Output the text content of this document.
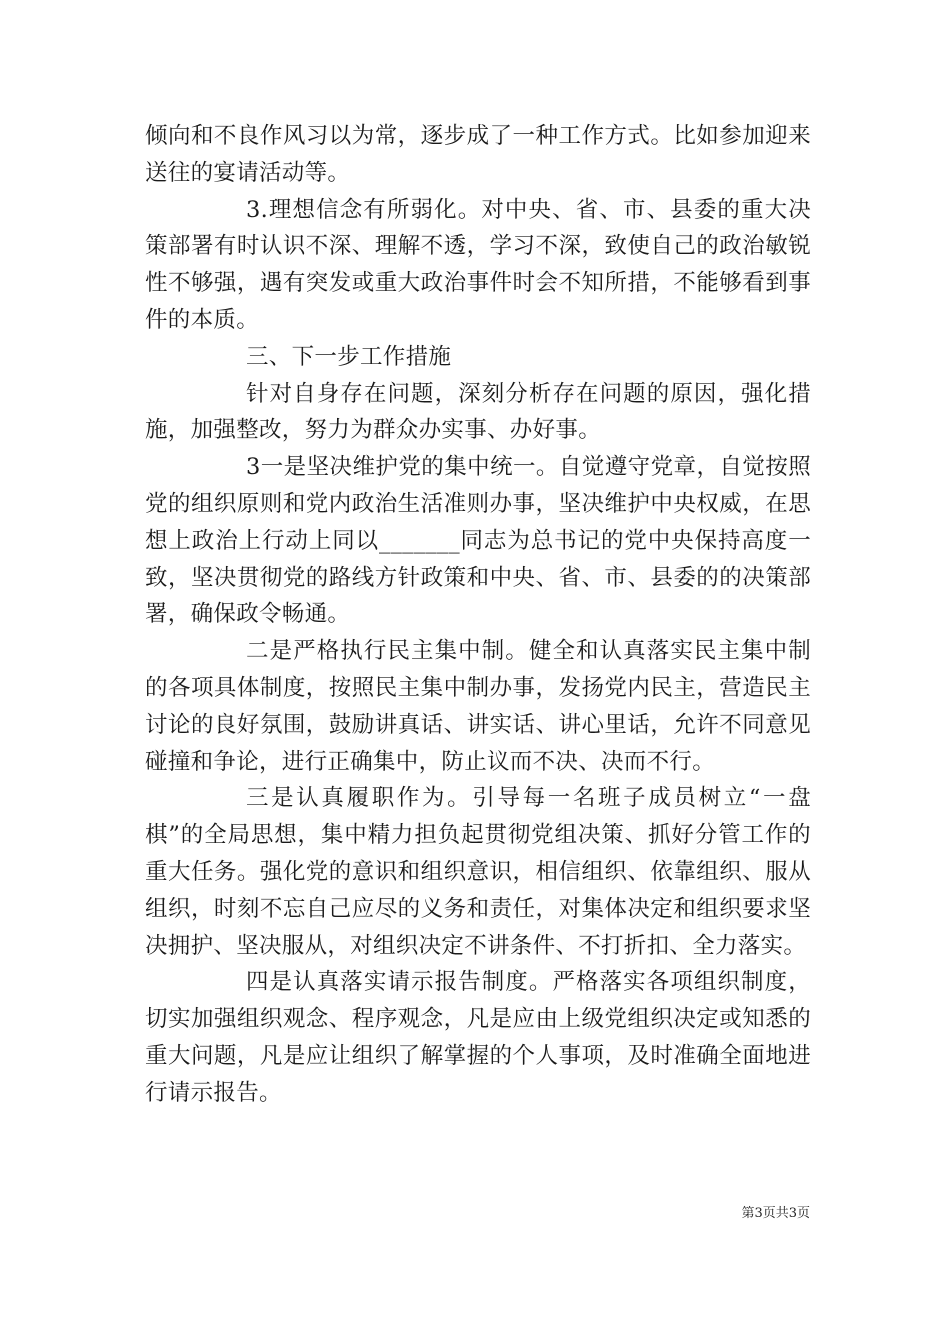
倾向和不良作风习以为常，逐步成了一种工作方式。比如参加迎来送往的宴请活动等。

3.理想信念有所弱化。对中央、省、市、县委的重大决策部署有时认识不深、理解不透，学习不深，致使自己的政治敏锐性不够强，遇有突发或重大政治事件时会不知所措，不能够看到事件的本质。

三、下一步工作措施

针对自身存在问题，深刻分析存在问题的原因，强化措施，加强整改，努力为群众办实事、办好事。

3一是坚决维护党的集中统一。自觉遵守党章，自觉按照党的组织原则和党内政治生活准则办事，坚决维护中央权威，在思想上政治上行动上同以_______同志为总书记的党中央保持高度一致，坚决贯彻党的路线方针政策和中央、省、市、县委的的决策部署，确保政令畅通。

二是严格执行民主集中制。健全和认真落实民主集中制的各项具体制度，按照民主集中制办事，发扬党内民主，营造民主讨论的良好氛围，鼓励讲真话、讲实话、讲心里话，允许不同意见碰撞和争论，进行正确集中，防止议而不决、决而不行。

三是认真履职作为。引导每一名班子成员树立“一盘棋”的全局思想，集中精力担负起贯彻党组决策、抓好分管工作的重大任务。强化党的意识和组织意识，相信组织、依靠组织、服从组织，时刻不忘自己应尽的义务和责任，对集体决定和组织要求坚决拥护、坚决服从，对组织决定不讲条件、不打折扣、全力落实。

四是认真落实请示报告制度。严格落实各项组织制度，切实加强组织观念、程序观念，凡是应由上级党组织决定或知悉的重大问题，凡是应让组织了解掌握的个人事项，及时准确全面地进行请示报告。

第3页共3页
